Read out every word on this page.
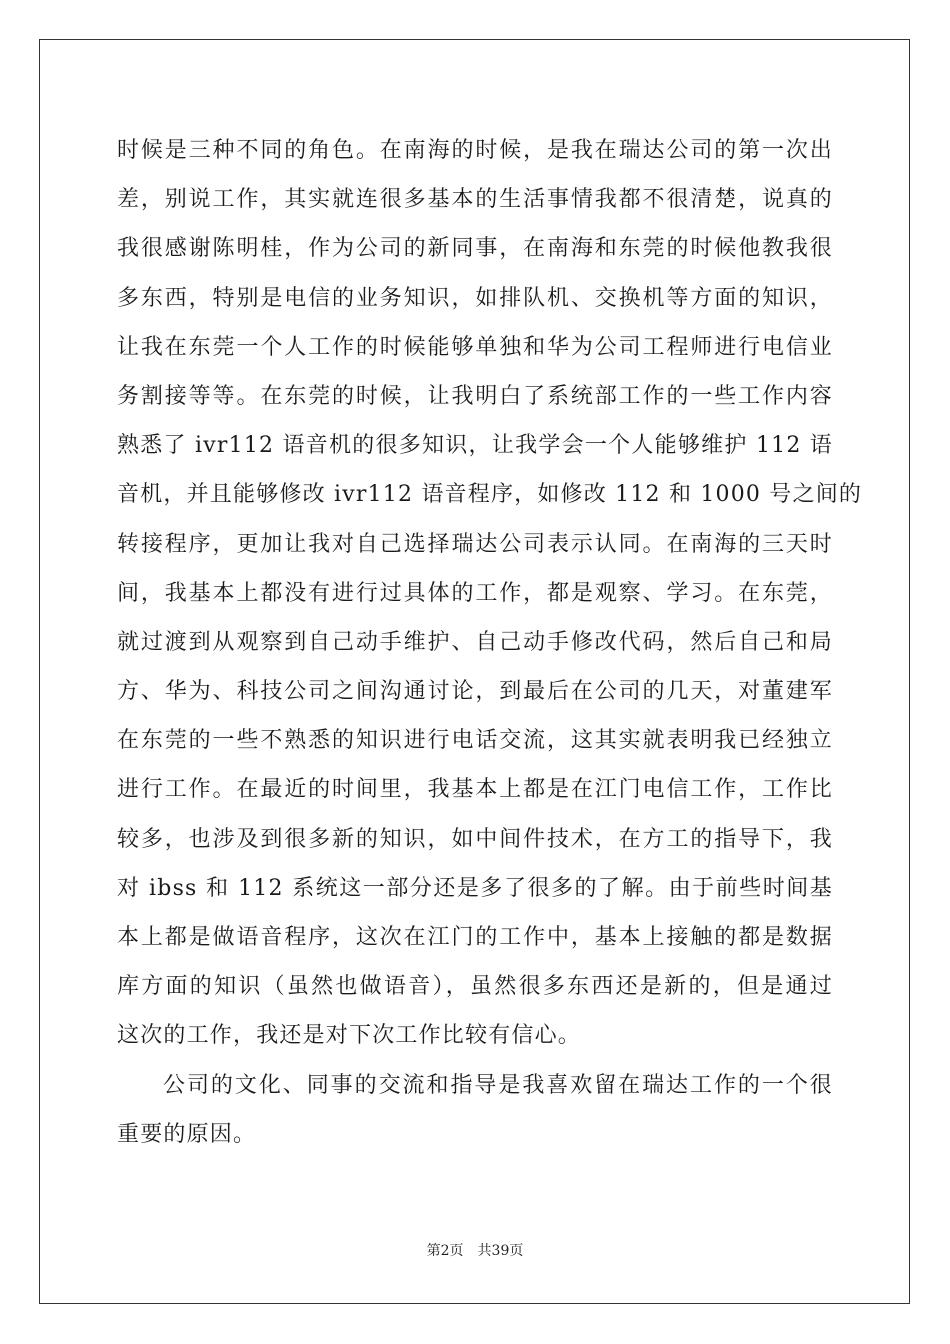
时候是三种不同的角色。在南海的时候，是我在瑞达公司的第一次出
差，别说工作，其实就连很多基本的生活事情我都不很清楚，说真的
我很感谢陈明桂，作为公司的新同事，在南海和东莞的时候他教我很
多东西，特别是电信的业务知识，如排队机、交换机等方面的知识，
让我在东莞一个人工作的时候能够单独和华为公司工程师进行电信业
务割接等等。在东莞的时候，让我明白了系统部工作的一些工作内容
熟悉了 ivr112 语音机的很多知识，让我学会一个人能够维护 112 语
音机，并且能够修改 ivr112 语音程序，如修改 112 和 1000 号之间的
转接程序，更加让我对自己选择瑞达公司表示认同。在南海的三天时
间，我基本上都没有进行过具体的工作，都是观察、学习。在东莞，
就过渡到从观察到自己动手维护、自己动手修改代码，然后自己和局
方、华为、科技公司之间沟通讨论，到最后在公司的几天，对董建军
在东莞的一些不熟悉的知识进行电话交流，这其实就表明我已经独立
进行工作。在最近的时间里，我基本上都是在江门电信工作，工作比
较多，也涉及到很多新的知识，如中间件技术，在方工的指导下，我
对 ibss 和 112 系统这一部分还是多了很多的了解。由于前些时间基
本上都是做语音程序，这次在江门的工作中，基本上接触的都是数据
库方面的知识（虽然也做语音），虽然很多东西还是新的，但是通过
这次的工作，我还是对下次工作比较有信心。
公司的文化、同事的交流和指导是我喜欢留在瑞达工作的一个很
重要的原因。
第2页 共39页
